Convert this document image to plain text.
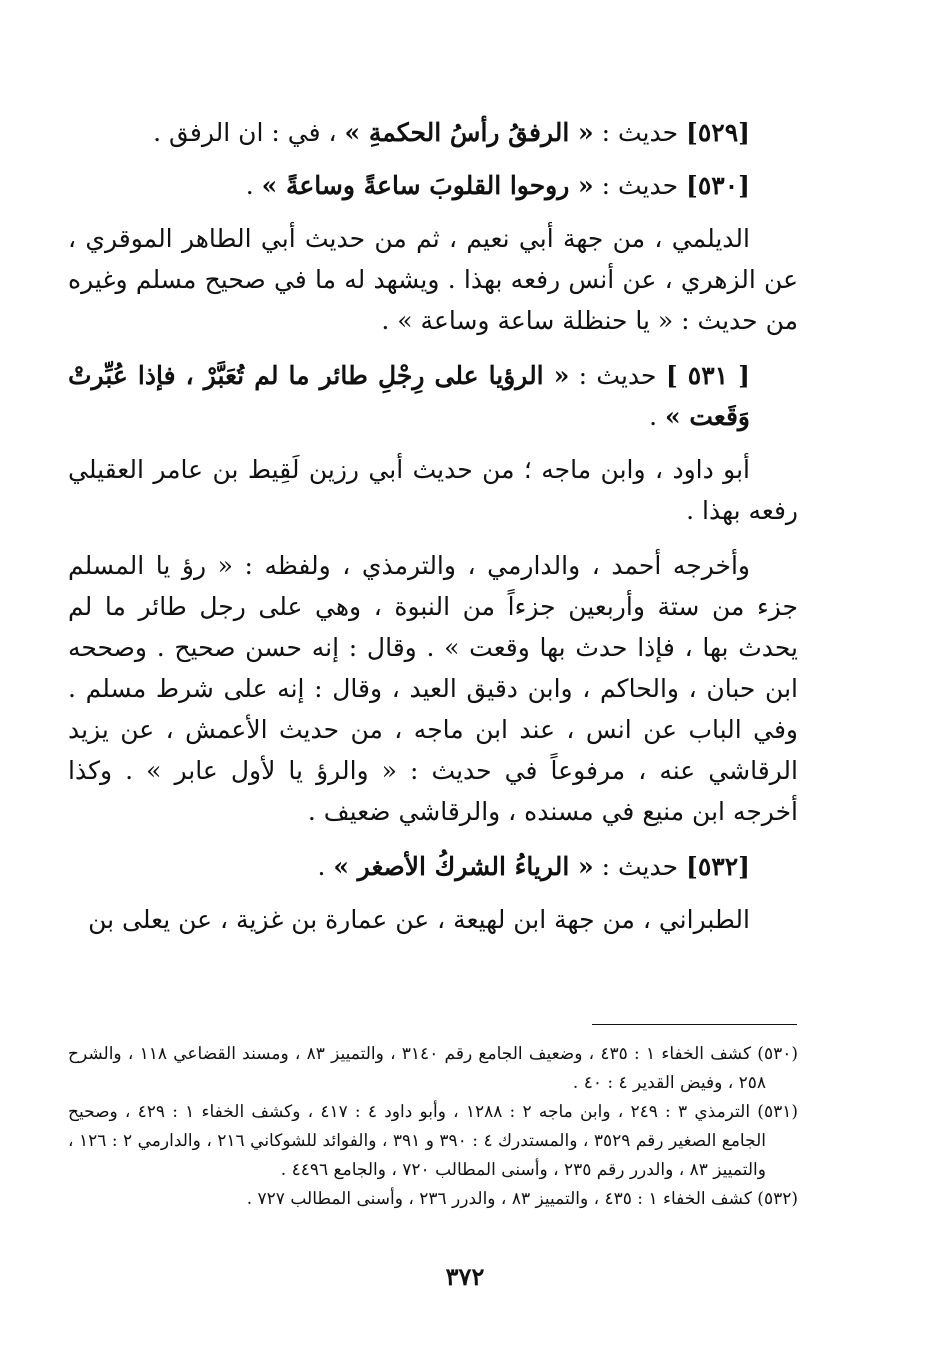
[٥٢٩] حديث : « الرفقُ رأسُ الحكمةِ » ، في : ان الرفق .

[٥٣٠] حديث : « روحوا القلوبَ ساعةً وساعةً » .

الديلمي ، من جهة أبي نعيم ، ثم من حديث أبي الطاهر الموقري ، عن الزهري ، عن أنس رفعه بهذا . ويشهد له ما في صحيح مسلم وغيره من حديث : « يا حنظلة ساعة وساعة » .

[ ٥٣١ ] حديث : « الرؤيا على رِجْلِ طائر ما لم تُعَبَّرْ ، فإذا عُبِّرتْ وَقَعت » .

أبو داود ، وابن ماجه ؛ من حديث أبي رزين لَقِيط بن عامر العقيلي رفعه بهذا .

وأخرجه أحمد ، والدارمي ، والترمذي ، ولفظه : « رؤ يا المسلم جزء من ستة وأربعين جزءاً من النبوة ، وهي على رجل طائر ما لم يحدث بها ، فإذا حدث بها وقعت » . وقال : إنه حسن صحيح . وصححه ابن حبان ، والحاكم ، وابن دقيق العيد ، وقال : إنه على شرط مسلم . وفي الباب عن انس ، عند ابن ماجه ، من حديث الأعمش ، عن يزيد الرقاشي عنه ، مرفوعاً في حديث : « والرؤ يا لأول عابر » . وكذا أخرجه ابن منيع في مسنده ، والرقاشي ضعيف .

[٥٣٢] حديث : « الرياءُ الشركُ الأصغر » .

الطبراني ، من جهة ابن لهيعة ، عن عمارة بن غزية ، عن يعلى بن

(٥٣٠) كشف الخفاء ١ : ٤٣٥ ، وضعيف الجامع رقم ٣١٤٠ ، والتمييز ٨٣ ، ومسند القضاعي ١١٨ ، والشرح ٢٥٨ ، وفيض القدير ٤ : ٤٠ .

(٥٣١) الترمذي ٣ : ٢٤٩ ، وابن ماجه ٢ : ١٢٨٨ ، وأبو داود ٤ : ٤١٧ ، وكشف الخفاء ١ : ٤٢٩ ، وصحيح الجامع الصغير رقم ٣٥٢٩ ، والمستدرك ٤ : ٣٩٠ و ٣٩١ ، والفوائد للشوكاني ٢١٦ ، والدارمي ٢ : ١٢٦ ، والتمييز ٨٣ ، والدرر رقم ٢٣٥ ، وأسنى المطالب ٧٢٠ ، والجامع ٤٤٩٦ .

(٥٣٢) كشف الخفاء ١ : ٤٣٥ ، والتمييز ٨٣ ، والدرر ٢٣٦ ، وأسنى المطالب ٧٢٧ .

٣٧٢
